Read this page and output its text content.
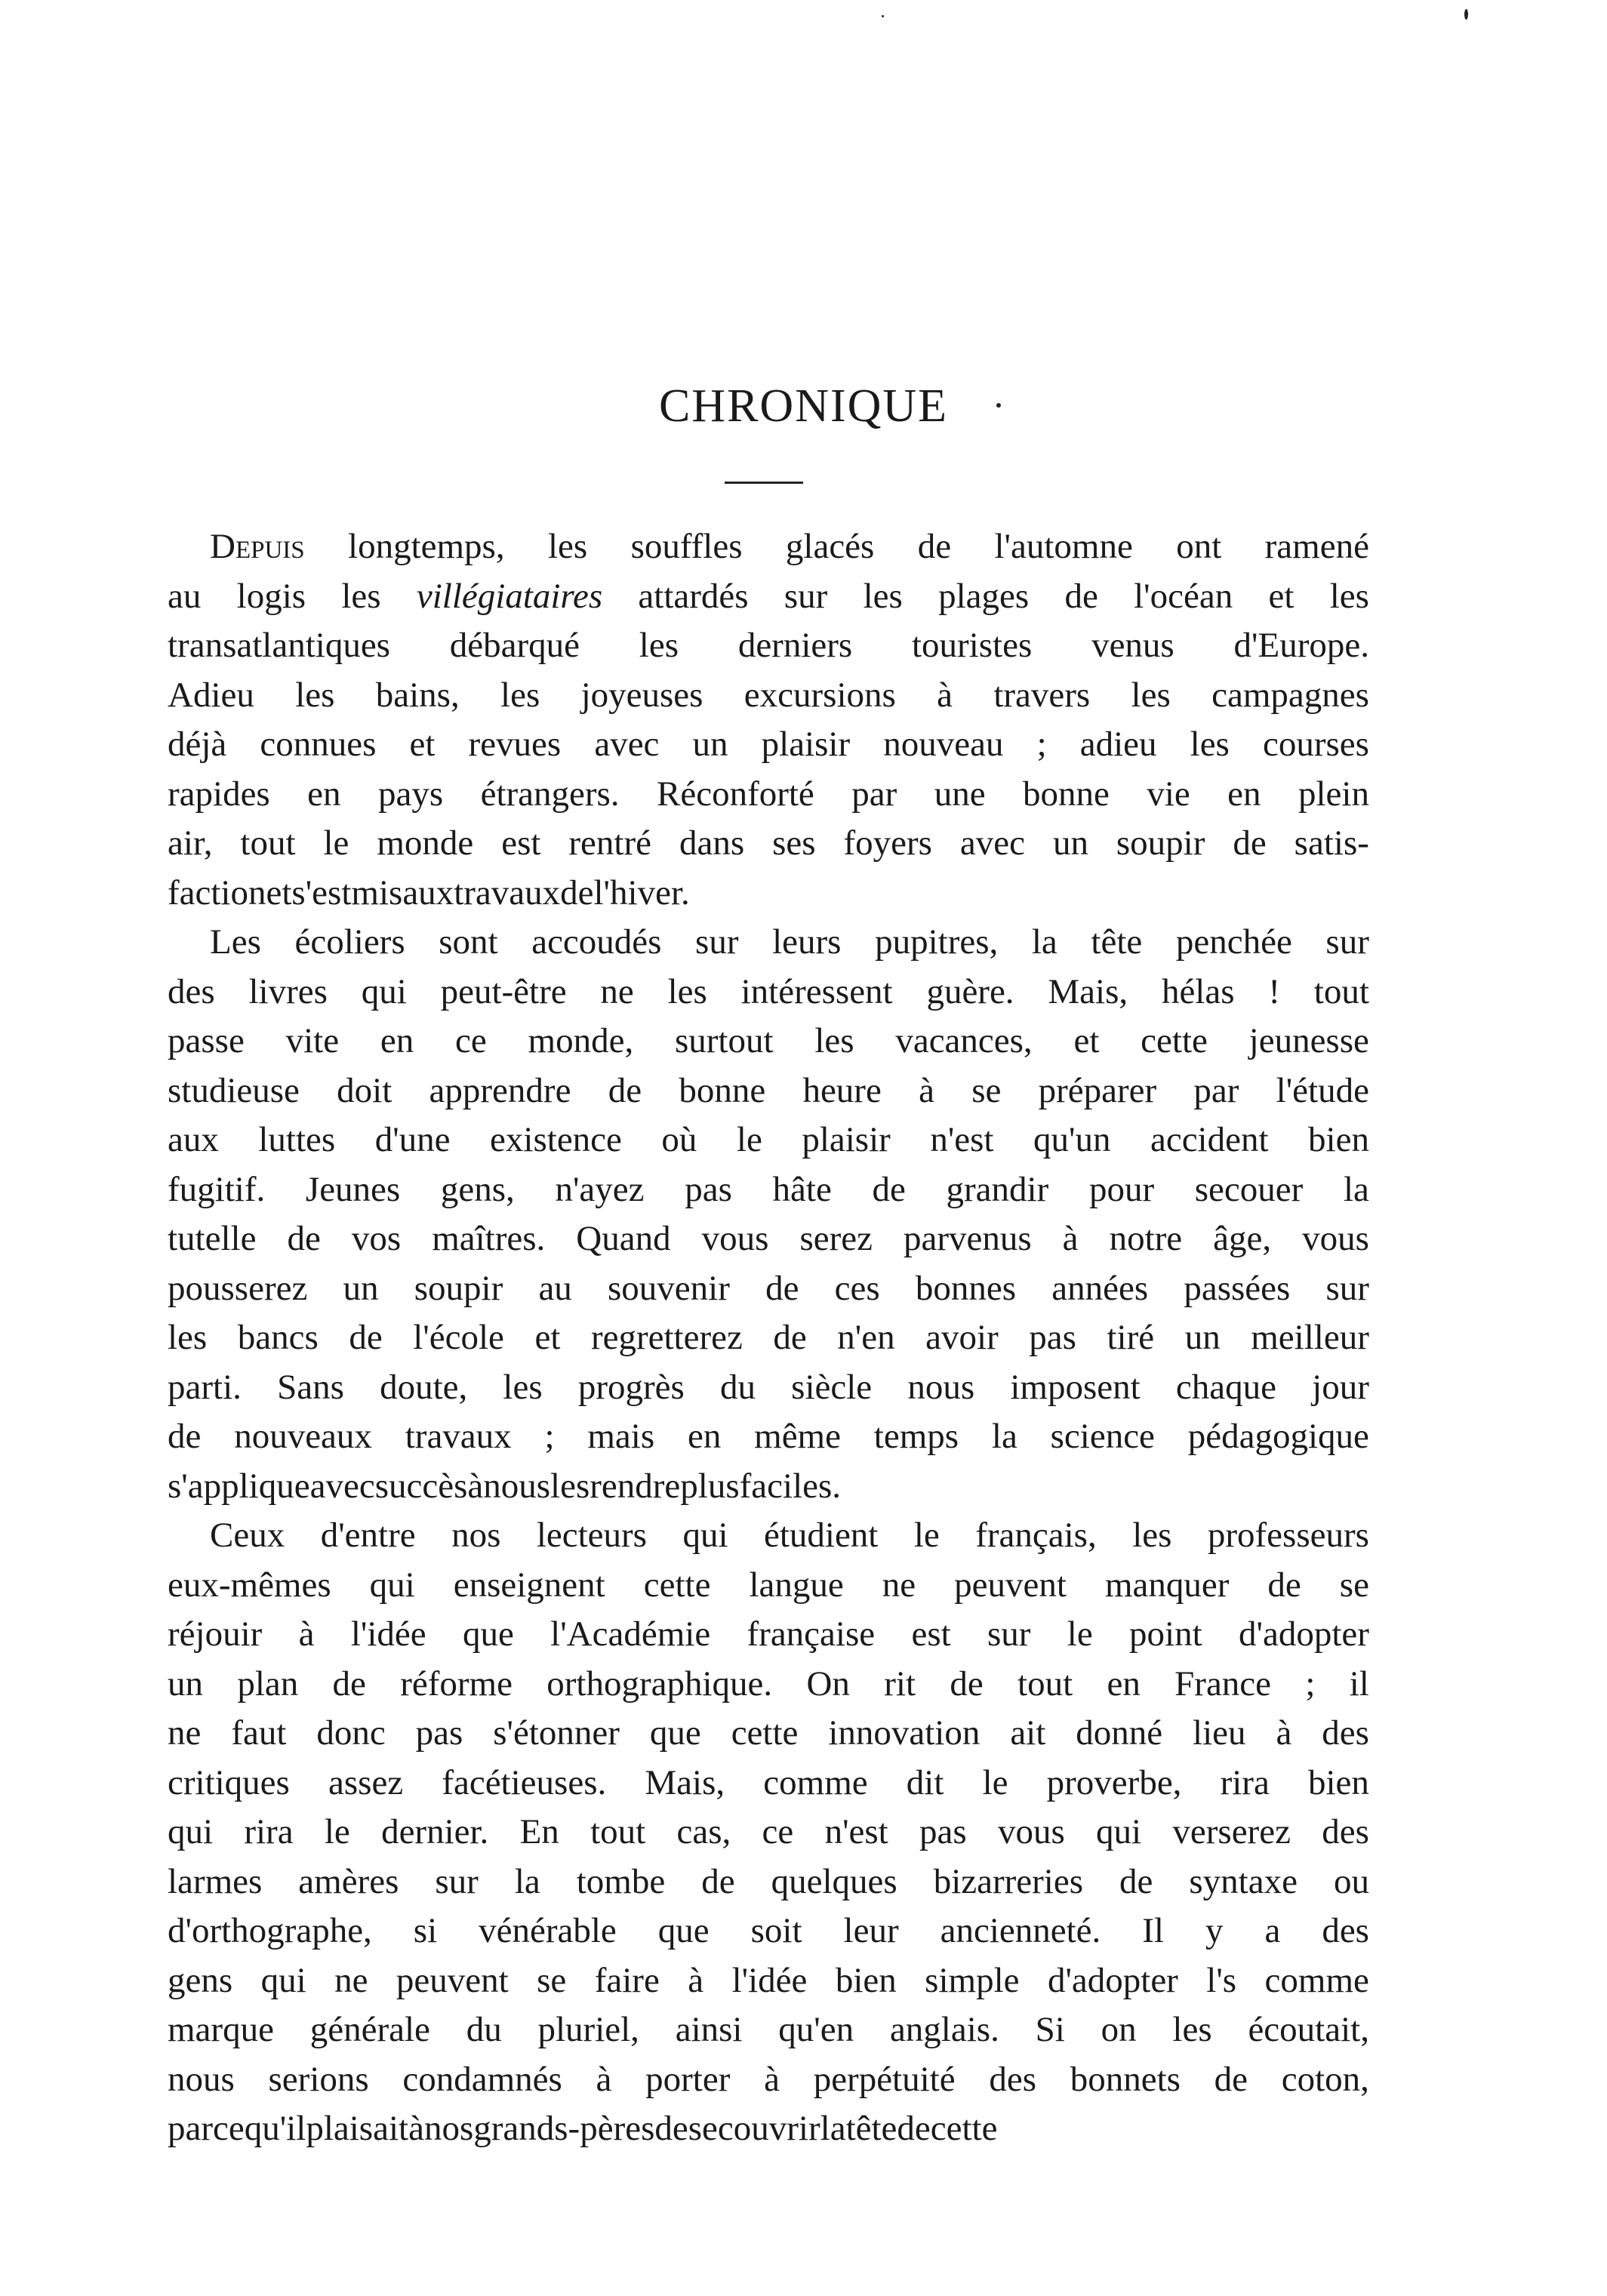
CHRONIQUE
Depuis longtemps, les souffles glacés de l'automne ont ramené
au logis les villégiataires attardés sur les plages de l'océan et les
transatlantiques débarqué les derniers touristes venus d'Europe.
Adieu les bains, les joyeuses excursions à travers les campagnes
déjà connues et revues avec un plaisir nouveau ; adieu les courses
rapides en pays étrangers. Réconforté par une bonne vie en plein
air, tout le monde est rentré dans ses foyers avec un soupir de satis-
faction et s'est mis aux travaux de l'hiver.
Les écoliers sont accoudés sur leurs pupitres, la tête penchée sur
des livres qui peut-être ne les intéressent guère. Mais, hélas ! tout
passe vite en ce monde, surtout les vacances, et cette jeunesse
studieuse doit apprendre de bonne heure à se préparer par l'étude
aux luttes d'une existence où le plaisir n'est qu'un accident bien
fugitif. Jeunes gens, n'ayez pas hâte de grandir pour secouer la
tutelle de vos maîtres. Quand vous serez parvenus à notre âge, vous
pousserez un soupir au souvenir de ces bonnes années passées sur
les bancs de l'école et regretterez de n'en avoir pas tiré un meilleur
parti. Sans doute, les progrès du siècle nous imposent chaque jour
de nouveaux travaux ; mais en même temps la science pédagogique
s'applique avec succès à nous les rendre plus faciles.
Ceux d'entre nos lecteurs qui étudient le français, les professeurs
eux-mêmes qui enseignent cette langue ne peuvent manquer de se
réjouir à l'idée que l'Académie française est sur le point d'adopter
un plan de réforme orthographique. On rit de tout en France ; il
ne faut donc pas s'étonner que cette innovation ait donné lieu à des
critiques assez facétieuses. Mais, comme dit le proverbe, rira bien
qui rira le dernier. En tout cas, ce n'est pas vous qui verserez des
larmes amères sur la tombe de quelques bizarreries de syntaxe ou
d'orthographe, si vénérable que soit leur ancienneté. Il y a des
gens qui ne peuvent se faire à l'idée bien simple d'adopter l's comme
marque générale du pluriel, ainsi qu'en anglais. Si on les écoutait,
nous serions condamnés à porter à perpétuité des bonnets de coton,
parce qu'il plaisait à nos grands-pères de se couvrir la tête de cette
